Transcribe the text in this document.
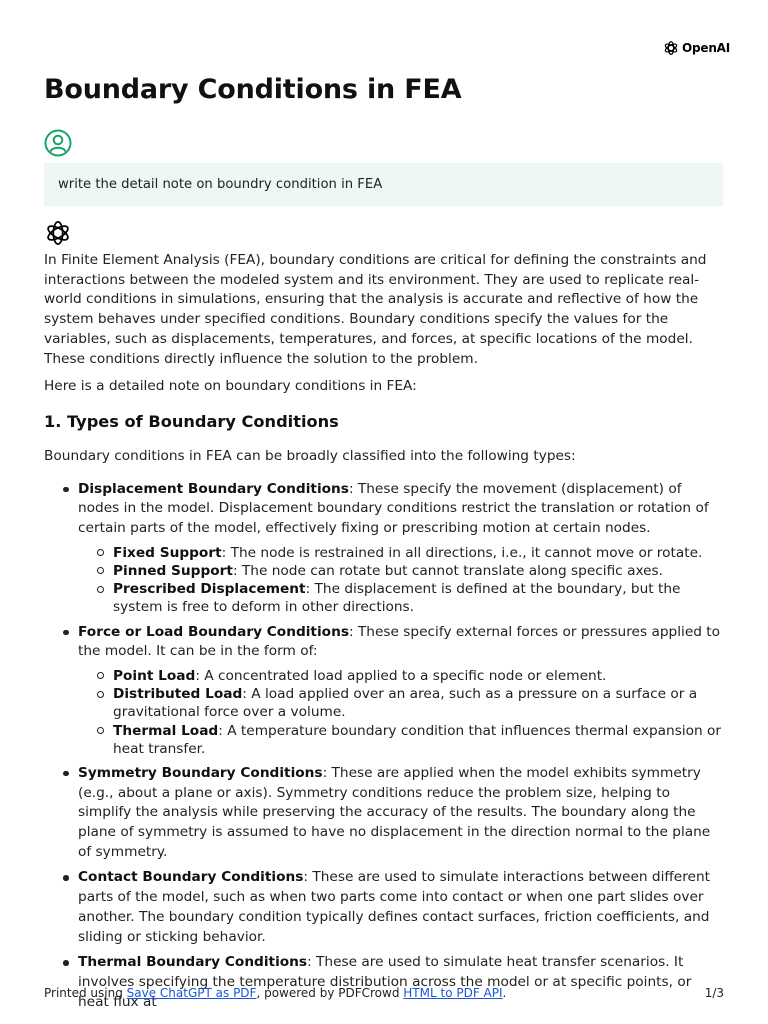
OpenAI
Boundary Conditions in FEA
write the detail note on boundry condition in FEA

In Finite Element Analysis (FEA), boundary conditions are critical for defining the constraints and interactions between the modeled system and its environment. They are used to replicate real-world conditions in simulations, ensuring that the analysis is accurate and reflective of how the system behaves under specified conditions. Boundary conditions specify the values for the variables, such as displacements, temperatures, and forces, at specific locations of the model. These conditions directly influence the solution to the problem.

Here is a detailed note on boundary conditions in FEA:

1. Types of Boundary Conditions

Boundary conditions in FEA can be broadly classified into the following types:

Displacement Boundary Conditions: These specify the movement (displacement) of nodes in the model. Displacement boundary conditions restrict the translation or rotation of certain parts of the model, effectively fixing or prescribing motion at certain nodes.
Fixed Support: The node is restrained in all directions, i.e., it cannot move or rotate.
Pinned Support: The node can rotate but cannot translate along specific axes.
Prescribed Displacement: The displacement is defined at the boundary, but the system is free to deform in other directions.
Force or Load Boundary Conditions: These specify external forces or pressures applied to the model. It can be in the form of:
Point Load: A concentrated load applied to a specific node or element.
Distributed Load: A load applied over an area, such as a pressure on a surface or a gravitational force over a volume.
Thermal Load: A temperature boundary condition that influences thermal expansion or heat transfer.
Symmetry Boundary Conditions: These are applied when the model exhibits symmetry (e.g., about a plane or axis). Symmetry conditions reduce the problem size, helping to simplify the analysis while preserving the accuracy of the results. The boundary along the plane of symmetry is assumed to have no displacement in the direction normal to the plane of symmetry.
Contact Boundary Conditions: These are used to simulate interactions between different parts of the model, such as when two parts come into contact or when one part slides over another. The boundary condition typically defines contact surfaces, friction coefficients, and sliding or sticking behavior.
Thermal Boundary Conditions: These are used to simulate heat transfer scenarios. It involves specifying the temperature distribution across the model or at specific points, or heat flux at
Printed using Save ChatGPT as PDF, powered by PDFCrowd HTML to PDF API.	1/3
